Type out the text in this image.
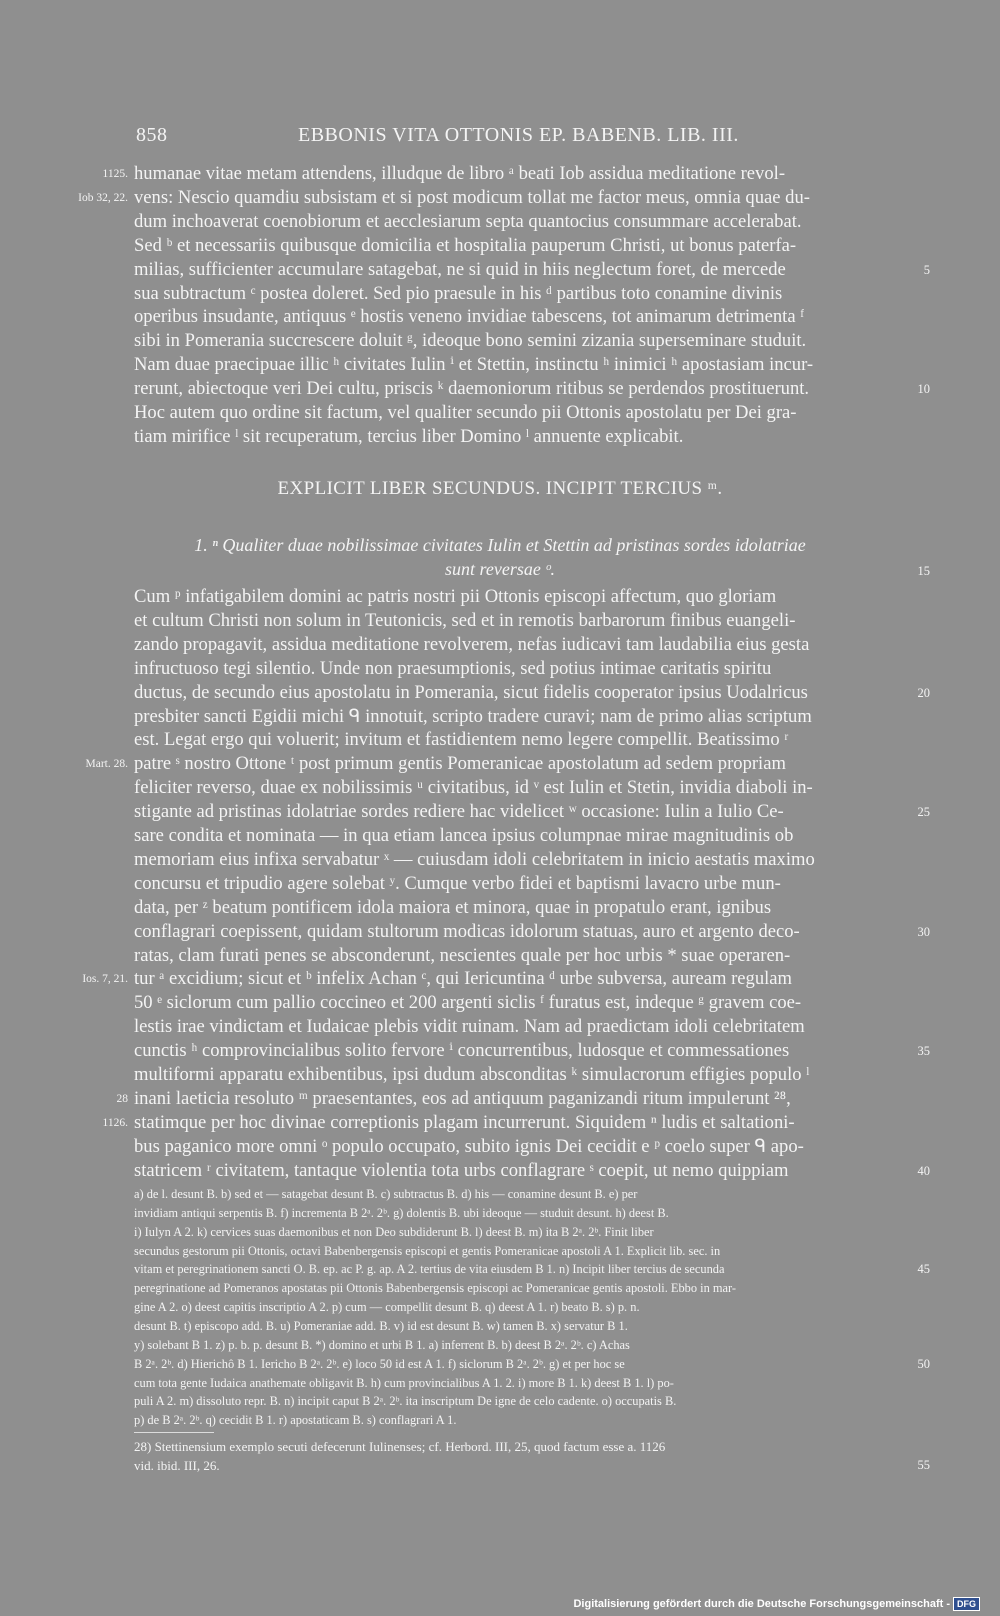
858	EBBONIS VITA OTTONIS EP. BABENB. LIB. III.
humanae vitae metam attendens, illudque de libro ᵃ beati Iob assidua meditatione revol-
1125.
vens: Nescio quamdiu subsistam et si post modicum tollat me factor meus, omnia quae du-
Iob 32, 22.
dum inchoaverat coenobiorum et aecclesiarum septa quantocius consummare accelerabat.
Sed ᵇ et necessariis quibusque domicilia et hospitalia pauperum Christi, ut bonus paterfa-
milias, sufficienter accumulare satagebat, ne si quid in hiis neglectum foret, de mercede	5
sua subtractum ᶜ postea doleret. Sed pio praesule in his ᵈ partibus toto conamine divinis
operibus insudante, antiquus ᵉ hostis veneno invidiae tabescens, tot animarum detrimenta ᶠ
sibi in Pomerania succrescere doluit ᵍ, ideoque bono semini zizania superseminare studuit.
Nam duae praecipuae illic ʰ civitates Iulin ⁱ et Stettin, instinctu ʰ inimici ʰ apostasiam incur-
rerunt, abiectoque veri Dei cultu, priscis ᵏ daemoniorum ritibus se perdendos prostituerunt.	10
Hoc autem quo ordine sit factum, vel qualiter secundo pii Ottonis apostolatu per Dei gra-
tiam mirifice ˡ sit recuperatum, tercius liber Domino ˡ annuente explicabit.
EXPLICIT LIBER SECUNDUS. INCIPIT TERCIUS ᵐ.
1. ⁿ Qualiter duae nobilissimae civitates Iulin et Stettin ad pristinas sordes idolatriae
sunt reversae ᵒ.	15
Cum ᵖ infatigabilem domini ac patris nostri pii Ottonis episcopi affectum, quo gloriam
et cultum Christi non solum in Teutonicis, sed et in remotis barbarorum finibus euangeli-
zando propagavit, assidua meditatione revolverem, nefas iudicavi tam laudabilia eius gesta
infructuoso tegi silentio. Unde non praesumptionis, sed potius intimae caritatis spiritu
ductus, de secundo eius apostolatu in Pomerania, sicut fidelis cooperator ipsius Uodalricus	20
presbiter sancti Egidii michi ᑫ innotuit, scripto tradere curavi; nam de primo alias scriptum
est. Legat ergo qui voluerit; invitum et fastidientem nemo legere compellit. Beatissimo ʳ
patre ˢ nostro Ottone ᵗ post primum gentis Pomeranicae apostolatum ad sedem propriam
Mart. 28.
feliciter reverso, duae ex nobilissimis ᵘ civitatibus, id ᵛ est Iulin et Stetin, invidia diaboli in-
stigante ad pristinas idolatriae sordes rediere hac videlicet ʷ occasione: Iulin a Iulio Ce-	25
sare condita et nominata — in qua etiam lancea ipsius columpnae mirae magnitudinis ob
memoriam eius infixa servabatur ˣ — cuiusdam idoli celebritatem in inicio aestatis maximo
concursu et tripudio agere solebat ʸ. Cumque verbo fidei et baptismi lavacro urbe mun-
data, per ᶻ beatum pontificem idola maiora et minora, quae in propatulo erant, ignibus
conflagrari coepissent, quidam stultorum modicas idolorum statuas, auro et argento deco-	30
ratas, clam furati penes se absconderunt, nescientes quale per hoc urbis * suae operaren-
tur ᵃ excidium; sicut et ᵇ infelix Achan ᶜ, qui Iericuntina ᵈ urbe subversa, auream regulam
Ios. 7, 21.
50 ᵉ siclorum cum pallio coccineo et 200 argenti siclis ᶠ furatus est, indeque ᵍ gravem coe-
lestis irae vindictam et Iudaicae plebis vidit ruinam. Nam ad praedictam idoli celebritatem
cunctis ʰ comprovincialibus solito fervore ⁱ concurrentibus, ludosque et commessationes	35
multiformi apparatu exhibentibus, ipsi dudum absconditas ᵏ simulacrorum effigies populo ˡ
inani laeticia resoluto ᵐ praesentantes, eos ad antiquum paganizandi ritum impulerunt ²⁸,
28
statimque per hoc divinae correptionis plagam incurrerunt. Siquidem ⁿ ludis et saltationi-
1126.
bus paganico more omni ᵒ populo occupato, subito ignis Dei cecidit e ᵖ coelo super ᑫ apo-
statricem ʳ civitatem, tantaque violentia tota urbs conflagrare ˢ coepit, ut nemo quippiam	40
a) de l. desunt B. b) sed et — satagebat desunt B. c) subtractus B. d) his — conamine desunt B. e) per
invidiam antiqui serpentis B. f) incrementa B 2ᵃ. 2ᵇ. g) dolentis B. ubi ideoque — studuit desunt. h) deest B.
i) Iulyn A 2. k) cervices suas daemonibus et non Deo subdiderunt B. l) deest B. m) ita B 2ᵃ. 2ᵇ. Finit liber
secundus gestorum pii Ottonis, octavi Babenbergensis episcopi et gentis Pomeranicae apostoli A 1. Explicit lib. sec. in
vitam et peregrinationem sancti O. B. ep. ac P. g. ap. A 2. tertius de vita eiusdem B 1. n) Incipit liber tercius de secunda	45
peregrinatione ad Pomeranos apostatas pii Ottonis Babenbergensis episcopi ac Pomeranicae gentis apostoli. Ebbo in mar-
gine A 2. o) deest capitis inscriptio A 2. p) cum — compellit desunt B. q) deest A 1. r) beato B. s) p. n.
desunt B. t) episcopo add. B. u) Pomeraniae add. B. v) id est desunt B. w) tamen B. x) servatur B 1.
y) solebant B 1. z) p. b. p. desunt B. *) domino et urbi B 1. a) inferrent B. b) deest B 2ᵃ. 2ᵇ. c) Achas
B 2ᵃ. 2ᵇ. d) Hierichô B 1. Iericho B 2ᵃ. 2ᵇ. e) loco 50 id est A 1. f) siclorum B 2ᵃ. 2ᵇ. g) et per hoc se	50
cum tota gente Iudaica anathemate obligavit B. h) cum provincialibus A 1. 2. i) more B 1. k) deest B 1. l) po-
puli A 2. m) dissoluto repr. B. n) incipit caput B 2ᵃ. 2ᵇ. ita inscriptum De igne de celo cadente. o) occupatis B.
p) de B 2ᵃ. 2ᵇ. q) cecidit B 1. r) apostaticam B. s) conflagrari A 1.
28) Stettinensium exemplo secuti defecerunt Iulinenses; cf. Herbord. III, 25, quod factum esse a. 1126
vid. ibid. III, 26.	55
Digitalisierung gefördert durch die Deutsche Forschungsgemeinschaft - DFG
